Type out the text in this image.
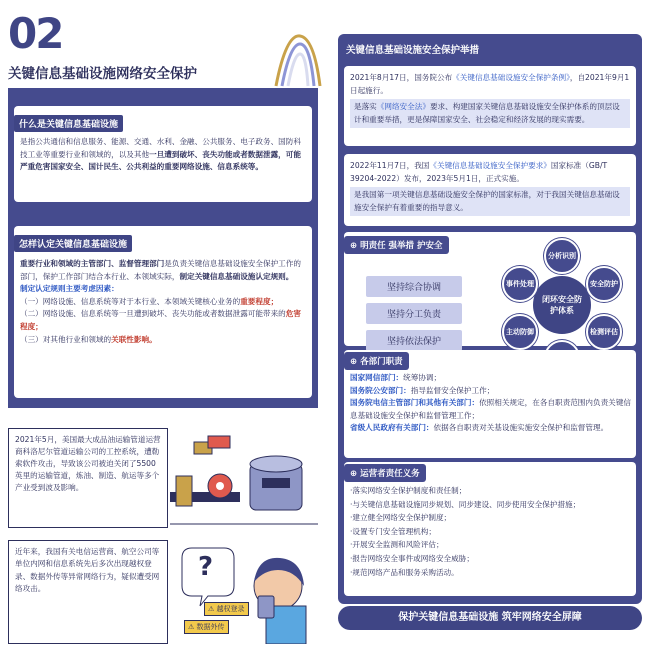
02
关键信息基础设施网络安全保护
什么是关键信息基础设施

是指公共通信和信息服务、能源、交通、水利、金融、公共服务、电子政务、国防科技工业等重要行业和领域的，以及其他一旦遭到破坏、丧失功能或者数据泄露，可能严重危害国家安全、国计民生、公共利益的重要网络设施、信息系统等。

怎样认定关键信息基础设施

重要行业和领域的主管部门、监督管理部门是负责关键信息基础设施安全保护工作的部门，保护工作部门结合本行业、本领域实际，制定关键信息基础设施认定规则。

制定认定规则主要考虑因素：

（一）网络设施、信息系统等对于本行业、本领域关键核心业务的重要程度；

（二）网络设施、信息系统等一旦遭到破坏、丧失功能或者数据泄露可能带来的危害程度；

（三）对其他行业和领域的关联性影响。

2021年5月，美国最大成品油运输管道运营商科洛尼尔管道运输公司的工控系统，遭勒索软件攻击，导致该公司被迫关闭了5500英里的运输管道，炼油、制造、航运等多个产业受到波及影响。

近年来，我国有关电信运营商、航空公司等单位内网和信息系统先后多次出现越权登录、数据外传等异常网络行为，疑似遭受网络攻击。

?
⚠ 越权登录
⚠ 数据外传
关键信息基础设施安全保护举措

2021年8月17日，国务院公布《关键信息基础设施安全保护条例》，自2021年9月1日起施行。

是落实《网络安全法》要求、构建国家关键信息基础设施安全保护体系的顶层设计和重要举措，更是保障国家安全、社会稳定和经济发展的现实需要。

2022年11月7日，我国《关键信息基础设施安全保护要求》国家标准（GB/T 39204-2022）发布，2023年5月1日，正式实施。

是我国第一项关键信息基础设施安全保护的国家标准，对于我国关键信息基础设施安全保护有着重要的指导意义。

⊕ 明责任 强举措 护安全
坚持综合协调
坚持分工负责
坚持依法保护
闭环安全防护体系
分析识别
安全防护
检测评估
主动防御
事件处理
⊕ 各部门职责

国家网信部门：统筹协调；

国务院公安部门：指导监督安全保护工作；

国务院电信主管部门和其他有关部门：依照相关规定，在各自职责范围内负责关键信息基础设施安全保护和监督管理工作；

省级人民政府有关部门：依据各自职责对关基设施实施安全保护和监督管理。

⊕ 运营者责任义务

·落实网络安全保护制度和责任制；

·与关键信息基础设施同步规划、同步建设、同步使用安全保护措施；

·建立健全网络安全保护制度；

·设置专门安全管理机构；

·开展安全监测和风险评估；

·报告网络安全事件或网络安全威胁；

·规范网络产品和服务采购活动。

保护关键信息基础设施 筑牢网络安全屏障
